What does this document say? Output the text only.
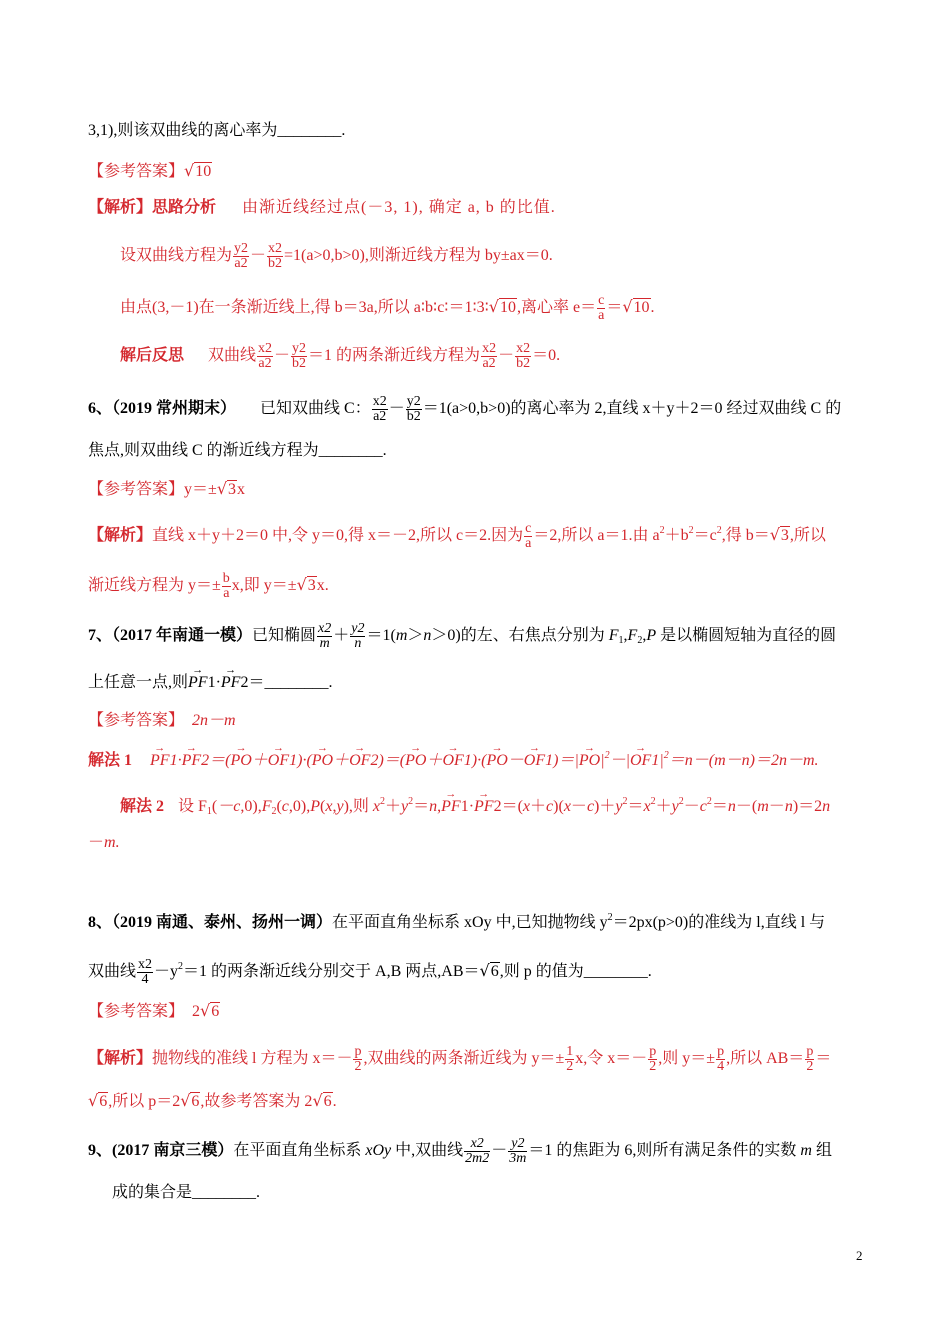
3,1),则该双曲线的离心率为________.
【参考答案】√10
【解析】思路分析 由渐近线经过点(－3, 1), 确定 a, b 的比值.
设双曲线方程为 $\frac{y2}{a2} - \frac{x2}{b2} =1(a>0,b>0)$,则渐近线方程为 by±ax＝0.
由点(3,－1)在一条渐近线上,得 b＝3a,所以 a∶b∶c∶＝1∶3∶√10,离心率 $e= \frac{c}{a} =√10$.
解后反思 双曲线 $\frac{x2}{a2} - \frac{y2}{b2} =1$ 的两条渐近线方程为 $\frac{x2}{a2} - \frac{x2}{b2} =0$.
6、（2019 常州期末） 已知双曲线 C： $\frac{x2}{a2} - \frac{y2}{b2} =1(a>0,b>0)$的离心率为 2,直线 x＋y＋2＝0 经过双曲线 C 的
焦点,则双曲线 C 的渐近线方程为________.
【参考答案】y＝±√3x
【解析】直线 x＋y＋2＝0 中,令 y＝0,得 x＝－2,所以 c＝2.因为 $\frac{c}{a} =2$,所以 a＝1.由 $a^2+b^2=c^2$,得 b＝√3,所以
渐近线方程为 $y=\pm \frac{b}{a} x$,即 y＝±√3x.
7、（2017 年南通一模）已知椭圆 $\frac{x2}{m} + \frac{y2}{n} =1(m>n>0)$的左、右焦点分别为 $F_1,F_2,P$ 是以椭圆短轴为直径的圆
上任意一点,则→ PF1·→ PF2＝________.
【参考答案】 2n－m
解法 $1 \to PF1\cdot\to PF2=(\to PO+\to OF1)\cdot(\to PO+\to OF2)=(\to PO+\to OF1)\cdot(\to PO-\to OF1)=|\to PO|^2-|\to OF1|^2=n-(m-n)=2n-m$.
解法 2 设 $F_1(-c,0),F_2(c,0),P(x,y)$,则 $x^2+y^2=n,\to PF1\cdot\to PF2=(x+c)(x-c)+y^2=x^2+y^2-c^2=n-(m-n)=2n$
－m.
8、（2019 南通、泰州、扬州一调）在平面直角坐标系 xOy 中,已知抛物线 $y^2=2px(p>0)$的准线为 l,直线 l 与
双曲线 $\frac{x2}{4} -y^2=1$ 的两条渐近线分别交于 A,B 两点,AB＝√6,则 p 的值为________.
【参考答案】 2√6
【解析】抛物线的准线 l 方程为 $x=- \frac{p}{2}$ ,双曲线的两条渐近线为 $y=\pm \frac{1}{2} x$,令 $x=- \frac{p}{2}$ ,则 $y=\pm \frac{p}{4}$ ,所以 $AB= \frac{p}{2}$ ＝
√6,所以 p＝2√6,故参考答案为 2√6.
9、(2017 南京三模）在平面直角坐标系 xOy 中,双曲线 $\frac{x2}{2m2} - \frac{y2}{3m} =1$ 的焦距为 6,则所有满足条件的实数 m 组
成的集合是________.
2
